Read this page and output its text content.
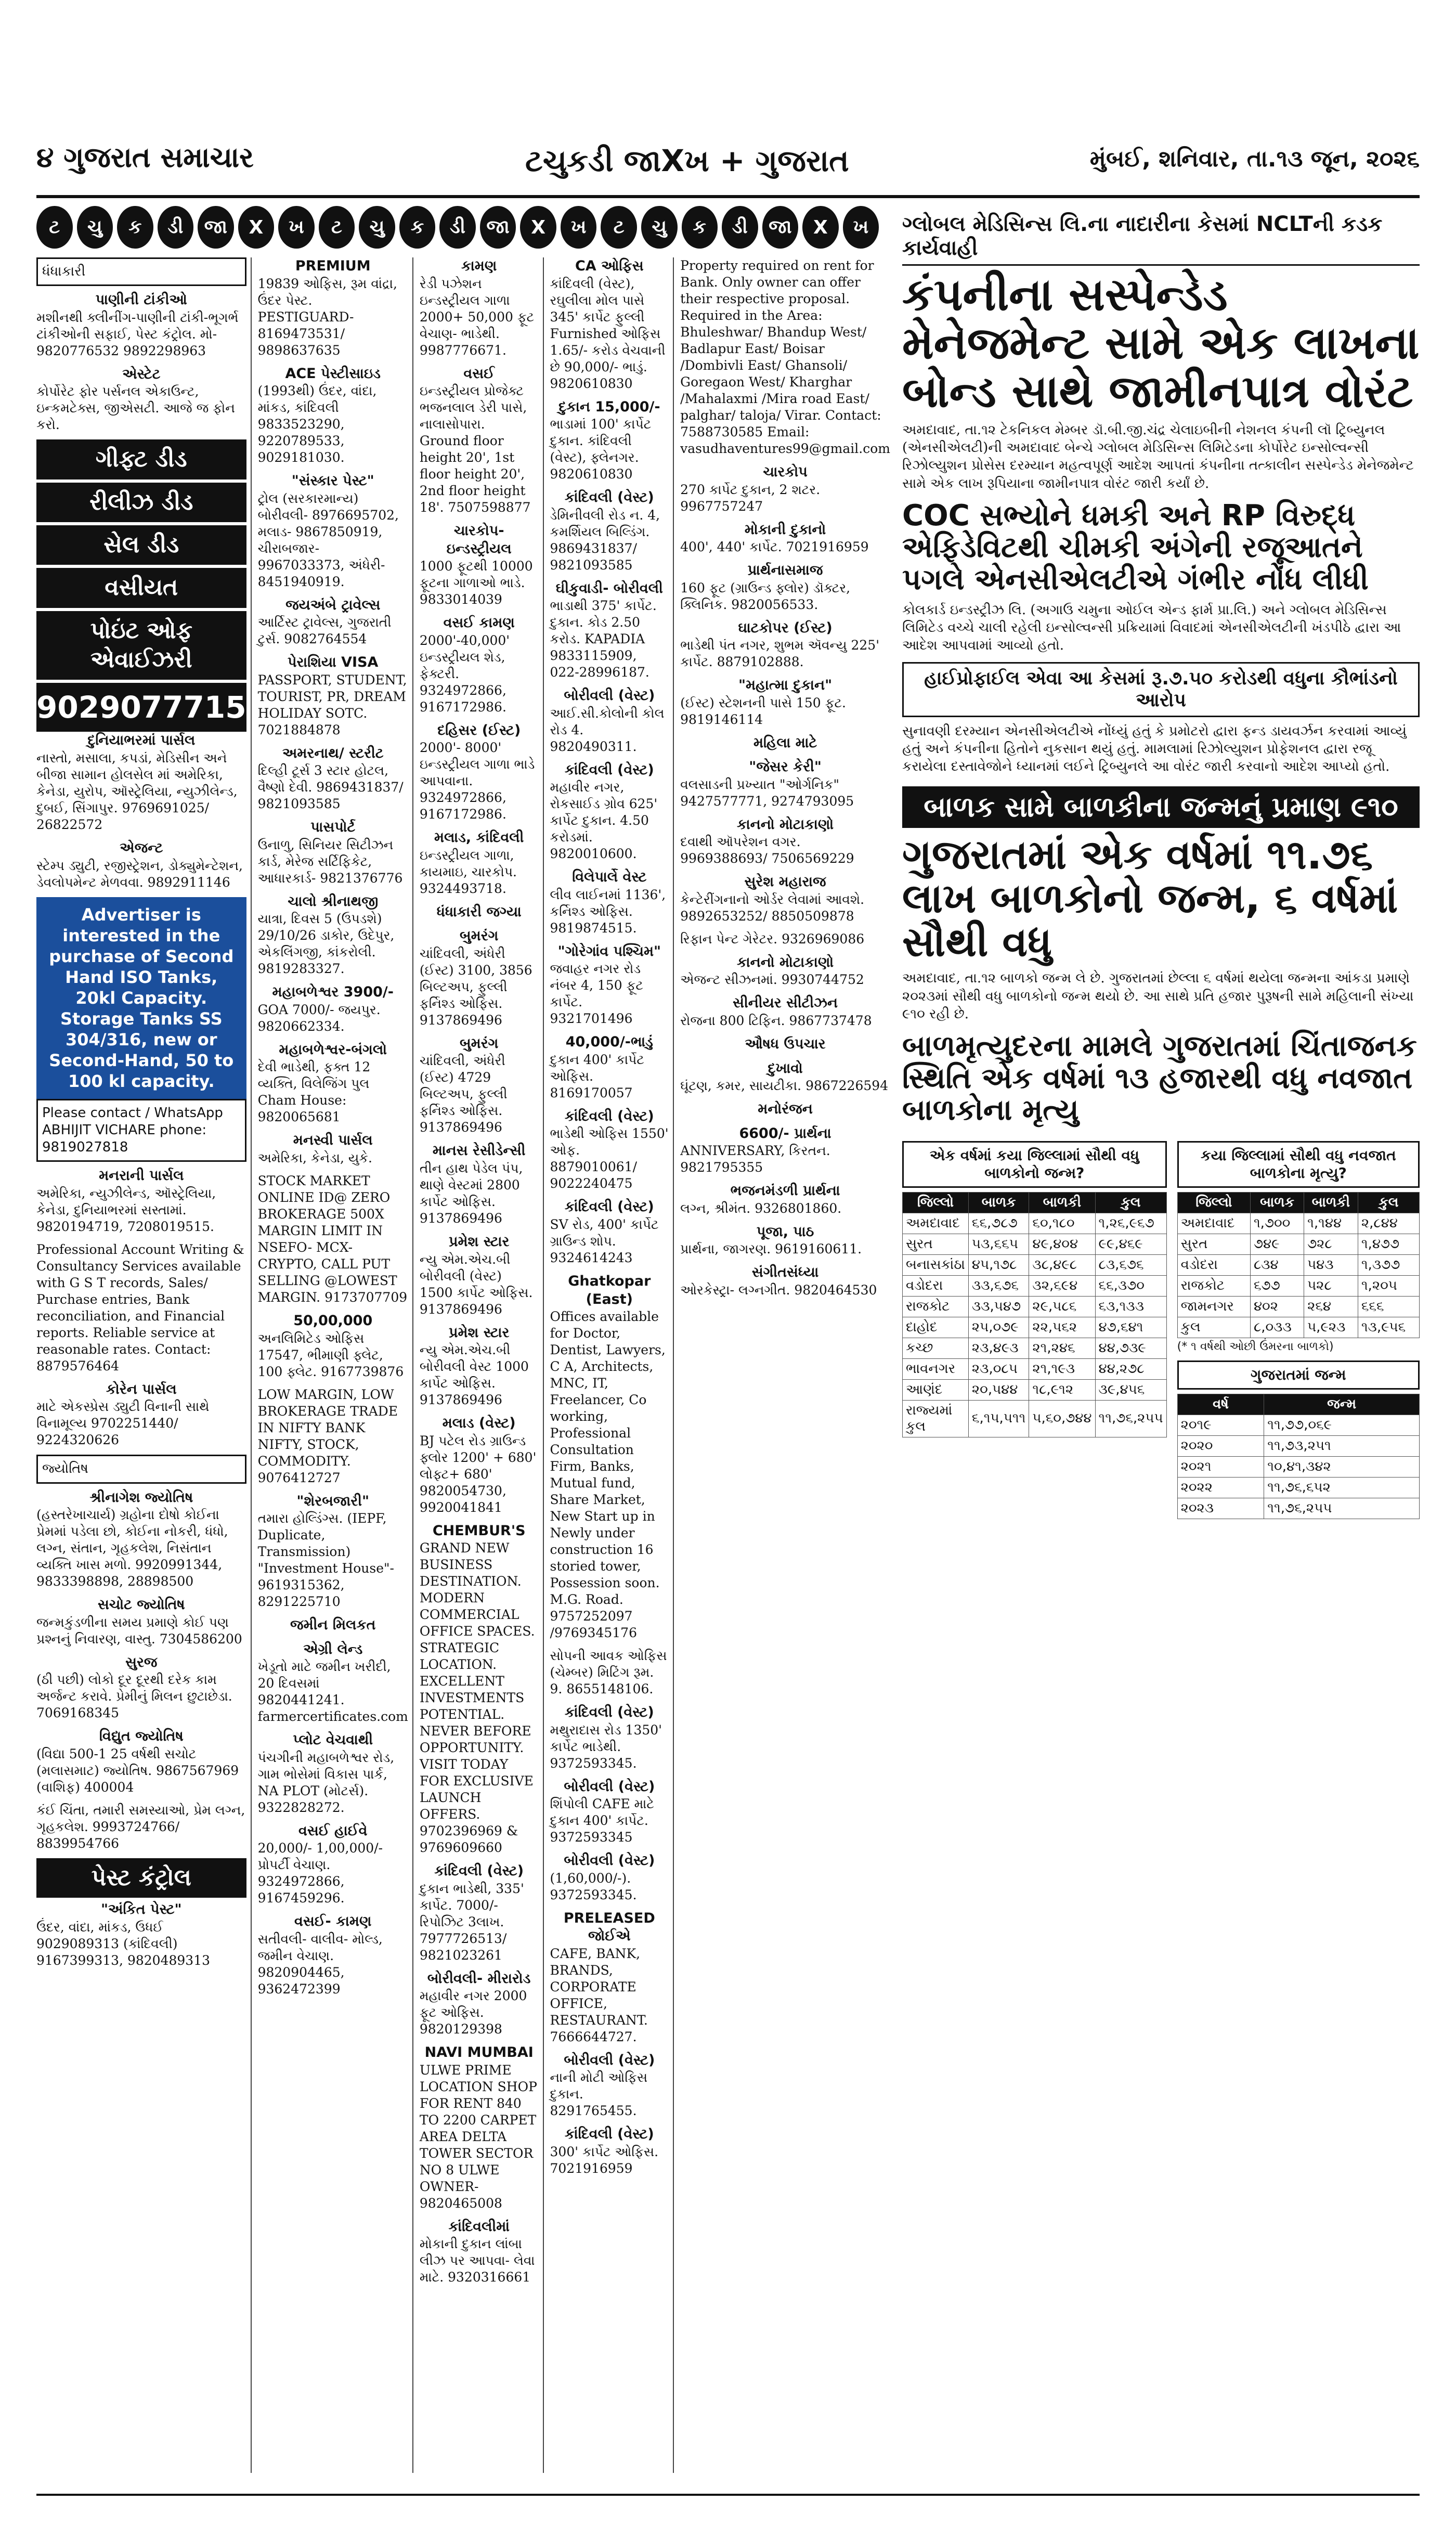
૪ ગુજરાત સમાચાર	ટચુકડી જાXખ + ગુજરાત	મુંબઈ, શનિવાર, તા.૧૩ જૂન, ૨૦૨૬
ટ	ચુ	ક	ડી	જા	X	ખ	ટ	ચુ	ક	ડી	જા	X	ખ	ટ	ચુ	ક	ડી	જા	X	ખ
ધંધાકારી
પાણીની ટાંકીઓ
મશીનથી ક્લીનીંગ-પાણીની ટાંકી-ભૂગર્ભ ટાંકીઓની સફાઈ, પેસ્ટ કંટ્રોલ. મો- 9820776532 9892298963
એસ્ટેટ
કોર્પોરેટ ફોર પર્સનલ એકાઉન્ટ, ઇન્કમટેક્સ, જીએસટી. આજે જ ફોન કરો.
ગીફ્ટ ડીડ
રીલીઝ ડીડ
સેલ ડીડ
વસીયત
પોઇંટ ઓફ એવાઈઝરી
9029077715
દુનિયાભરમાં પાર્સલ
નાસ્તો, મસાલા, કપડાં, મેડિસીન અને બીજા સામાન હોલસેલ માં અમેરિકા, કેનેડા, યુરોપ, ઑસ્ટ્રેલિયા, ન્યુઝીલેન્ડ, દુબઈ, સિંગાપુર. 9769691025/ 26822572
એજન્ટ
સ્ટેમ્પ ડ્યુટી, રજીસ્ટ્રેશન, ડોક્યુમેન્ટેશન, ડેવલોપમેન્ટ મેળવવા. 9892911146
Advertiser is interested in the purchase of Second Hand ISO Tanks, 20kl Capacity. Storage Tanks SS 304/316, new or Second-Hand, 50 to 100 kl capacity.
Please contact / WhatsApp ABHIJIT VICHARE phone: 9819027818
મનરાની પાર્સલ
અમેરિકા, ન્યુઝીલેન્ડ, ઑસ્ટ્રેલિયા, કેનેડા, દુનિયાભરમાં સસ્તામાં. 9820194719, 7208019515.
Professional Account Writing & Consultancy Services available with G S T records, Sales/ Purchase entries, Bank reconciliation, and Financial reports. Reliable service at reasonable rates. Contact: 8879576464
કોરેન પાર્સલ
માટે એકસ્પ્રેસ ડ્યુટી વિનાની સાથે વિનામૂલ્ય 9702251440/ 9224320626
જ્યોતિષ
શ્રીનાગેશ જ્યોતિષ
(હસ્તરેખાચાર્ય) ગ્રહોના દોષો કોઈના પ્રેમમાં પડેલા છો, કોઈના નોકરી, ધંધો, લગ્ન, સંતાન, ગૃહકલેશ, નિસંતાન વ્યક્તિ ખાસ મળો. 9920991344, 9833398898, 28898500
સચોટ જ્યોતિષ
જન્મકુંડળીના સમય પ્રમાણે કોઈ પણ પ્રશ્નનું નિવારણ, વાસ્તુ. 7304586200
સુરજ
(ઠી પછી) લોકો દૂર દૂરથી દરેક કામ અર્જન્ટ કરાવે. પ્રેમીનું મિલન છુટાછેડા. 7069168345
વિદ્યુત જ્યોતિષ
(વિદ્યા 500-1 25 વર્ષથી સચોટ (મલાસમાટ) જ્યોતિષ. 9867567969 (વાશિફ) 400004
કંઈ ચિંતા, તમારી સમસ્યાઓ, પ્રેમ લગ્ન, ગૃહકલેશ. 9993724766/ 8839954766
પેસ્ટ કંટ્રોલ
"અંકિત પેસ્ટ"
ઉંદર, વાંદા, માંકડ, ઉધઈ 9029089313 (કાંદિવલી) 9167399313, 9820489313
PREMIUM
19839 ઓફિસ, રૂમ વાંદ્રા, ઉંદર પેસ્ટ. PESTIGUARD- 8169473531/ 9898637635
ACE પેસ્ટીસાઇડ
(1993થી) ઉંદર, વાંદા, માંકડ, કાંદિવલી 9833523290, 9220789533, 9029181030.
"સંસ્કાર પેસ્ટ"
ટ્રોલ (સરકારમાન્ય) બોરીવલી- 8976695702, મલાડ- 9867850919, ચીરાબજાર- 9967033373, અંધેરી- 8451940919.
જયઅંબે ટ્રાવેલ્સ
આર્ટિસ્ટ ટ્રાવેલ્સ, ગુજરાતી ટુર્સ. 9082764554
પેરાશિયા VISA
PASSPORT, STUDENT, TOURIST, PR, DREAM HOLIDAY SOTC. 7021884878
અમરનાથ/ સ્ટરીટ
દિલ્હી ટૂર્સ 3 સ્ટાર હોટલ, વૈષ્ણો દેવી. 9869431837/ 9821093585
પાસપોર્ટ
ઉનાળુ, સિનિયર સિટીઝન કાર્ડ, મેરેજ સર્ટિફિકેટ, આધારકાર્ડ- 9821376776
ચાલો શ્રીનાથજી
યાત્રા, દિવસ 5 (ઉપડશે) 29/10/26 ડાકોર, ઉદેપુર, એકલિંગજી, કાંકરોલી. 9819283327.
મહાબળેશ્વર 3900/-
GOA 7000/- જયપુર. 9820662334.
મહાબળેશ્વર-બંગલો
દેવી ભાડેથી, ફક્ત 12 વ્યક્તિ, વિલેજિંગ પુલ Cham House: 9820065681
મનસ્વી પાર્સલ
અમેરિકા, કેનેડા, યુકે.
STOCK MARKET ONLINE ID@ ZERO BROKERAGE 500X MARGIN LIMIT IN NSEFO- MCX- CRYPTO, CALL PUT SELLING @LOWEST MARGIN. 9173707709
50,00,000
અનલિમિટેડ ઓફિસ 17547, ભીમાણી ફ્લેટ, 100 ફ્લેટ. 9167739876
LOW MARGIN, LOW BROKERAGE TRADE IN NIFTY BANK NIFTY, STOCK, COMMODITY. 9076412727
"શેરબજારી"
તમારા હોલ્ડિંગ્સ. (IEPF, Duplicate, Transmission) "Investment House"- 9619315362, 8291225710
જમીન મિલકત
એગ્રી લેન્ડ
ખેડૂતો માટે જમીન ખરીદી, 20 દિવસમાં 9820441241. farmercertificates.com
પ્લોટ વેચવાથી
પંચગીની મહાબળેશ્વર રોડ, ગામ ભોસેમાં વિકાસ પાર્ક, NA PLOT (મોટર્સ). 9322828272.
વસઈ હાઈવે
20,000/- 1,00,000/- પ્રોપર્ટી વેચાણ. 9324972866, 9167459296.
વસઈ- કામણ
સતીવલી- વાલીવ- મોલ્ડ, જમીન વેચાણ. 9820904465, 9362472399
કામણ
રેડી પઝેશન ઇન્ડસ્ટ્રીયલ ગાળા 2000+ 50,000 ફૂટ વેચાણ- ભાડેથી. 9987776671.
વસઈ
ઇન્ડસ્ટ્રીયલ પ્રોજેક્ટ ભજનલાલ ડેરી પાસે, નાલાસોપારા. Ground floor height 20', 1st floor height 20', 2nd floor height 18'. 7507598877
ચારકોપ- ઇન્ડસ્ટ્રીયલ
1000 ફૂટથી 10000 ફૂટના ગાળાઓ ભાડે. 9833014039
વસઈ કામણ
2000'-40,000' ઇન્ડસ્ટ્રીયલ શેડ, ફેક્ટરી. 9324972866, 9167172986.
દહિસર (ઈસ્ટ)
2000'- 8000' ઇન્ડસ્ટ્રીયલ ગાળા ભાડે આપવાના. 9324972866, 9167172986.
મલાડ, કાંદિવલી
ઇન્ડસ્ટ્રીયલ ગાળા, કાયમાઇ, ચારકોપ. 9324493718.
ધંધાકારી જગ્યા
બુમરંગ
ચાંદિવલી, અંધેરી (ઈસ્ટ) 3100, 3856 બિલ્ટઅપ, ફુલ્લી ફર્નિશ્ડ ઓફિસ. 9137869496
બુમરંગ
ચાંદિવલી, અંધેરી (ઈસ્ટ) 4729 બિલ્ટઅપ, ફુલ્લી ફર્નિશ્ડ ઓફિસ. 9137869496
માનસ રેસીડેન્સી
તીન હાથ પેડેલ પંપ, થાણે વેસ્ટમાં 2800 કાર્પેટ ઓફિસ. 9137869496
પ્રમેશ સ્ટાર
ન્યુ એમ.એચ.બી બોરીવલી (વેસ્ટ) 1500 કાર્પેટ ઓફિસ. 9137869496
પ્રમેશ સ્ટાર
ન્યુ એમ.એચ.બી બોરીવલી વેસ્ટ 1000 કાર્પેટ ઓફિસ. 9137869496
મલાડ (વેસ્ટ)
BJ પટેલ રોડ ગ્રાઉન્ડ ફ્લોર 1200' + 680' લોફ્ટ+ 680' 9820054730, 9920041841
CHEMBUR'S
GRAND NEW BUSINESS DESTINATION. MODERN COMMERCIAL OFFICE SPACES. STRATEGIC LOCATION. EXCELLENT INVESTMENTS POTENTIAL. NEVER BEFORE OPPORTUNITY. VISIT TODAY FOR EXCLUSIVE LAUNCH OFFERS. 9702396969 & 9769609660
કાંદિવલી (વેસ્ટ)
દુકાન ભાડેથી, 335' કાર્પેટ. 7000/- રિપોઝિટ 3લાખ. 7977726513/ 9821023261
બોરીવલી- મીરારોડ
મહાવીર નગર 2000 ફૂટ ઓફિસ. 9820129398
NAVI MUMBAI
ULWE PRIME LOCATION SHOP FOR RENT 840 TO 2200 CARPET AREA DELTA TOWER SECTOR NO 8 ULWE OWNER- 9820465008
કાંદિવલીમાં
મોકાની દુકાન લાંબા લીઝ પર આપવા- લેવા માટે. 9320316661
CA ઓફિસ
કાંદિવલી (વેસ્ટ), રઘુલીલા મોલ પાસે 345' કાર્પેટ ફુલ્લી Furnished ઓફિસ 1.65/- કરોડ વેચવાની છે 90,000/- ભાડું. 9820610830
દુકાન 15,000/-
ભાડામાં 100' કાર્પેટ દુકાન. કાંદિવલી (વેસ્ટ), ફ્લેનગર. 9820610830
કાંદિવલી (વેસ્ટ)
ડેમિનીવલી રોડ ન. 4, કમર્શિયલ બિલ્ડિંગ. 9869431837/ 9821093585
ઘીકુવાડી- બોરીવલી
ભાડાથી 375' કાર્પેટ. દુકાન. કોડ 2.50 કરોડ. KAPADIA 9833115909, 022-28996187.
બોરીવલી (વેસ્ટ)
આઈ.સી.કોલોની કોલ રોડ 4. 9820490311.
કાંદિવલી (વેસ્ટ)
મહાવીર નગર, રોકસાઈડ ગ્રોવ 625' કાર્પેટ દુકાન. 4.50 કરોડમાં. 9820010600.
વિલેપાર્લે વેસ્ટ
લીવ લાઈનમાં 1136', કર્નિશ્ડ ઓફિસ. 9819874515.
"ગોરેગાંવ પશ્ચિમ"
જવાહર નગર રોડ નંબર 4, 150 ફૂટ કાર્પેટ. 9321701496
40,000/-ભાડું
દુકાન 400' કાર્પેટ ઓફિસ. 8169170057
કાંદિવલી (વેસ્ટ)
ભાડેથી ઓફિસ 1550' ઓફ. 8879010061/ 9022240475
કાંદિવલી (વેસ્ટ)
SV રોડ, 400' કાર્પેટ ગ્રાઉન્ડ શોપ. 9324614243
Ghatkopar (East)
Offices available for Doctor, Dentist, Lawyers, C A, Architects, MNC, IT, Freelancer, Co working, Professional Consultation Firm, Banks, Mutual fund, Share Market, New Start up in Newly under construction 16 storied tower, Possession soon. M.G. Road. 9757252097 /9769345176
સોપની આવક ઓફિસ (ચેમ્બર) મિટિંગ રૂમ. 9. 8655148106.
કાંદિવલી (વેસ્ટ)
મથુરાદાસ રોડ 1350' કાર્પેટ ભાડેથી. 9372593345.
બોરીવલી (વેસ્ટ)
શિંપોલી CAFE માટે દુકાન 400' કાર્પેટ. 9372593345
બોરીવલી (વેસ્ટ)
(1,60,000/-). 9372593345.
PRELEASED જોઈએ
CAFE, BANK, BRANDS, CORPORATE OFFICE, RESTAURANT. 7666644727.
બોરીવલી (વેસ્ટ)
નાની મોટી ઓફિસ દુકાન. 8291765455.
કાંદિવલી (વેસ્ટ)
300' કાર્પેટ ઓફિસ. 7021916959
Property required on rent for Bank. Only owner can offer their respective proposal. Required in the Area: Bhuleshwar/ Bhandup West/ Badlapur East/ Boisar /Dombivli East/ Ghansoli/ Goregaon West/ Kharghar /Mahalaxmi /Mira road East/ palghar/ taloja/ Virar. Contact: 7588730585 Email: vasudhaventures99@gmail.com
ચારકોપ
270 કાર્પેટ દુકાન, 2 શટર. 9967757247
મોકાની દુકાનો
400', 440' કાર્પેટ. 7021916959
પ્રાર્થનાસમાજ
160 ફૂટ (ગ્રાઉન્ડ ફ્લોર) ડૉક્ટર, ક્લિનિક. 9820056533.
ઘાટકોપર (ઈસ્ટ)
ભાડેથી પંત નગર, શુભમ ઍવન્યુ 225' કાર્પેટ. 8879102888.
"મહાત્મા દુકાન"
(ઈસ્ટ) સ્ટેશનની પાસે 150 ફૂટ. 9819146114
મહિલા માટે
"જેસર કેરી"
વલસાડની પ્રખ્યાત "ઓર્ગનિક" 9427577771, 9274793095
કાનનો મોટાકાણો
દવાથી ઑપરેશન વગર. 9969388693/ 7506569229
સુરેશ મહારાજ
કેન્ટેરીંગનાનો ઓર્ડર લેવામાં આવશે. 9892653252/ 8850509878
રિફાન પેન્ટ ગેરેટર. 9326969086
કાનનો મોટાકાણો
એજન્ટ સીઝનમાં. 9930744752
સીનીયર સીટીઝન
રોજના 800 ટિફિન. 9867737478
ઔષધ ઉપચાર
દુખાવો
ઘૂંટણ, કમર, સાયટીકા. 9867226594
મનોરંજન
6600/- પ્રાર્થના
ANNIVERSARY, કિરતન. 9821795355
ભજનમંડળી પ્રાર્થના
લગ્ન, શ્રીમંત. 9326801860.
પૂજા, પાઠ
પ્રાર્થના, જાગરણ. 9619160611.
સંગીતસંધ્યા
ઓરકેસ્ટ્રા- લગ્નગીત. 9820464530
ગ્લોબલ મેડિસિન્સ લિ.ના નાદારીના કેસમાં NCLTની કડક કાર્યવાહી
કંપનીના સસ્પેન્ડેડ મેનેજમેન્ટ સામે એક લાખના બોન્ડ સાથે જામીનપાત્ર વોરંટ
અમદાવાદ, તા.૧૨ ટેકનિકલ મેમ્બર ડૉ.બી.જી.ચંદ્ર ચેલાઇબીની નેશનલ કંપની લૉ ટ્રિબ્યુનલ (એનસીએલટી)ની અમદાવાદ બેન્ચે ગ્લોબલ મેડિસિન્સ લિમિટેડના કોર્પોરેટ ઇન્સોલ્વન્સી રિઝોલ્યુશન પ્રોસેસ દરમ્યાન મહત્વપૂર્ણ આદેશ આપતાં કંપનીના તત્કાલીન સસ્પેન્ડેડ મેનેજમેન્ટ સામે એક લાખ રૂપિયાના જામીનપાત્ર વોરંટ જારી કર્યાં છે.
COC સભ્યોને ધમકી અને RP વિરુદ્ધ એફિડેવિટથી ચીમકી અંગેની રજૂઆતને પગલે એનસીએલટીએ ગંભીર નોંધ લીધી
કોલકાર્ડ ઇન્ડસ્ટ્રીઝ લિ. (અગાઉ ચમુના ઓઈલ એન્ડ ફાર્મ પ્રા.લિ.) અને ગ્લોબલ મેડિસિન્સ લિમિટેડ વચ્ચે ચાલી રહેલી ઇન્સોલ્વન્સી પ્રક્રિયામાં વિવાદમાં એનસીએલટીની ખંડપીઠે દ્વારા આ આદેશ આપવામાં આવ્યો હતો.
હાઈપ્રોફાઈલ એવા આ કેસમાં રૂ.૭.૫૦ કરોડથી વધુના કૌભાંડનો આરોપ
સુનાવણી દરમ્યાન એનસીએલટીએ નોંધ્યું હતું કે પ્રમોટરો દ્વારા ફન્ડ ડાયવર્ઝન કરવામાં આવ્યું હતું અને કંપનીના હિતોને નુકસાન થયું હતું. મામલામાં રિઝોલ્યુશન પ્રોફેશનલ દ્વારા રજૂ કરાયેલા દસ્તાવેજોને ધ્યાનમાં લઈને ટ્રિબ્યુનલે આ વોરંટ જારી કરવાનો આદેશ આપ્યો હતો.
બાળક સામે બાળકીના જન્મનું પ્રમાણ ૯૧૦
ગુજરાતમાં એક વર્ષમાં ૧૧.૭૬ લાખ બાળકોનો જન્મ, ૬ વર્ષમાં સૌથી વધુ
અમદાવાદ, તા.૧૨ બાળકો જન્મ લે છે. ગુજરાતમાં છેલ્લા ૬ વર્ષમાં થયેલા જન્મના આંકડા પ્રમાણે ૨૦૨૩માં સૌથી વધુ બાળકોનો જન્મ થયો છે. આ સાથે પ્રતિ હજાર પુરૂષની સામે મહિલાની સંખ્યા ૯૧૦ રહી છે.
બાળમૃત્યુદરના મામલે ગુજરાતમાં ચિંતાજનક સ્થિતિ એક વર્ષમાં ૧૩ હજારથી વધુ નવજાત બાળકોના મૃત્યુ
એક વર્ષમાં કયા જિલ્લામાં સૌથી વધુ બાળકોનો જન્મ?
જિલ્લો	બાળક	બાળકી	કુલ
અમદાવાદ	૬૬,૭૮૭	૬૦,૧૮૦	૧,૨૬,૯૬૭
સુરત	૫૩,૬૬૫	૪૯,૪૦૪	૯૯,૪૬૯
બનાસકાંઠા	૪૫,૧૭૮	૩૮,૪૯૮	૮૩,૬૭૬
વડોદરા	૩૩,૬૭૬	૩૨,૬૯૪	૬૬,૩૭૦
રાજકોટ	૩૩,૫૪૭	૨૯,૫૮૬	૬૩,૧૩૩
દાહોદ	૨૫,૦૭૯	૨૨,૫૬૨	૪૭,૬૪૧
કચ્છ	૨૩,૪૯૩	૨૧,૨૪૬	૪૪,૭૩૯
ભાવનગર	૨૩,૦૮૫	૨૧,૧૯૩	૪૪,૨૭૮
આણંદ	૨૦,૫૪૪	૧૮,૯૧૨	૩૯,૪૫૬
રાજ્યમાં કુલ	૬,૧૫,૫૧૧	૫,૬૦,૭૪૪	૧૧,૭૬,૨૫૫
કયા જિલ્લામાં સૌથી વધુ નવજાત બાળકોના મૃત્યુ?
જિલ્લો	બાળક	બાળકી	કુલ
અમદાવાદ	૧,૭૦૦	૧,૧૪૪	૨,૮૪૪
સુરત	૭૪૯	૭૨૮	૧,૪૭૭
વડોદરા	૮૩૪	૫૪૩	૧,૩૭૭
રાજકોટ	૬૭૭	૫૨૮	૧,૨૦૫
જામનગર	૪૦૨	૨૬૪	૬૬૬
કુલ	૮,૦૩૩	૫,૯૨૩	૧૩,૯૫૬
(* ૧ વર્ષથી ઓછી ઉંમરના બાળકો)
ગુજરાતમાં જન્મ
વર્ષ	જન્મ
૨૦૧૯	૧૧,૭૭,૦૬૯
૨૦૨૦	૧૧,૭૩,૨૫૧
૨૦૨૧	૧૦,૪૧,૩૪૨
૨૦૨૨	૧૧,૭૬,૬૫૨
૨૦૨૩	૧૧,૭૬,૨૫૫
